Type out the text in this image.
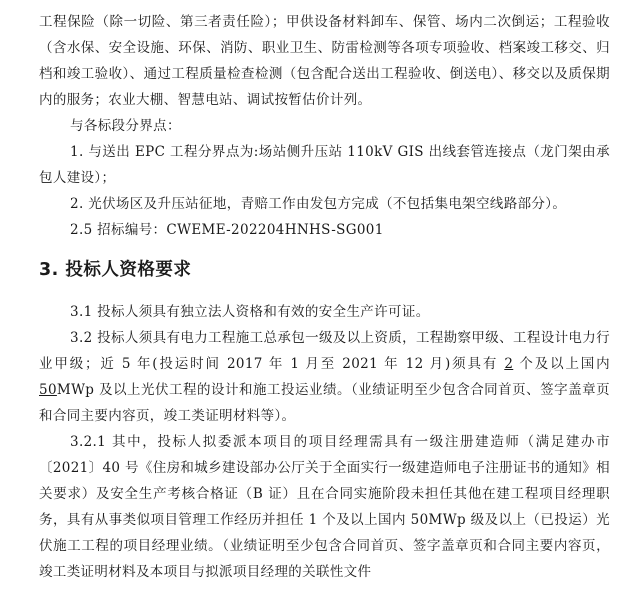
工程保险（除一切险、第三者责任险）；甲供设备材料卸车、保管、场内二次倒运；工程验收（含水保、安全设施、环保、消防、职业卫生、防雷检测等各项专项验收、档案竣工移交、归档和竣工验收）、通过工程质量检查检测（包含配合送出工程验收、倒送电）、移交以及质保期内的服务；农业大棚、智慧电站、调试按暂估价计列。

与各标段分界点：

1. 与送出 EPC 工程分界点为:场站侧升压站 110kV GIS 出线套管连接点（龙门架由承包人建设）；

2. 光伏场区及升压站征地，青赔工作由发包方完成（不包括集电架空线路部分）。

2.5 招标编号：CWEME-202204HNHS-SG001

3. 投标人资格要求

3.1 投标人须具有独立法人资格和有效的安全生产许可证。

3.2 投标人须具有电力工程施工总承包一级及以上资质，工程勘察甲级、工程设计电力行业甲级；近 5 年(投运时间 2017 年 1 月至 2021 年 12 月)须具有 2 个及以上国内 50MWp 及以上光伏工程的设计和施工投运业绩。（业绩证明至少包含合同首页、签字盖章页和合同主要内容页，竣工类证明材料等）。

3.2.1 其中，投标人拟委派本项目的项目经理需具有一级注册建造师（满足建办市〔2021〕40 号《住房和城乡建设部办公厅关于全面实行一级建造师电子注册证书的通知》相关要求）及安全生产考核合格证（B 证）且在合同实施阶段未担任其他在建工程项目经理职务，具有从事类似项目管理工作经历并担任 1 个及以上国内 50MWp 级及以上（已投运）光伏施工工程的项目经理业绩。（业绩证明至少包含合同首页、签字盖章页和合同主要内容页，竣工类证明材料及本项目与拟派项目经理的关联性文件
